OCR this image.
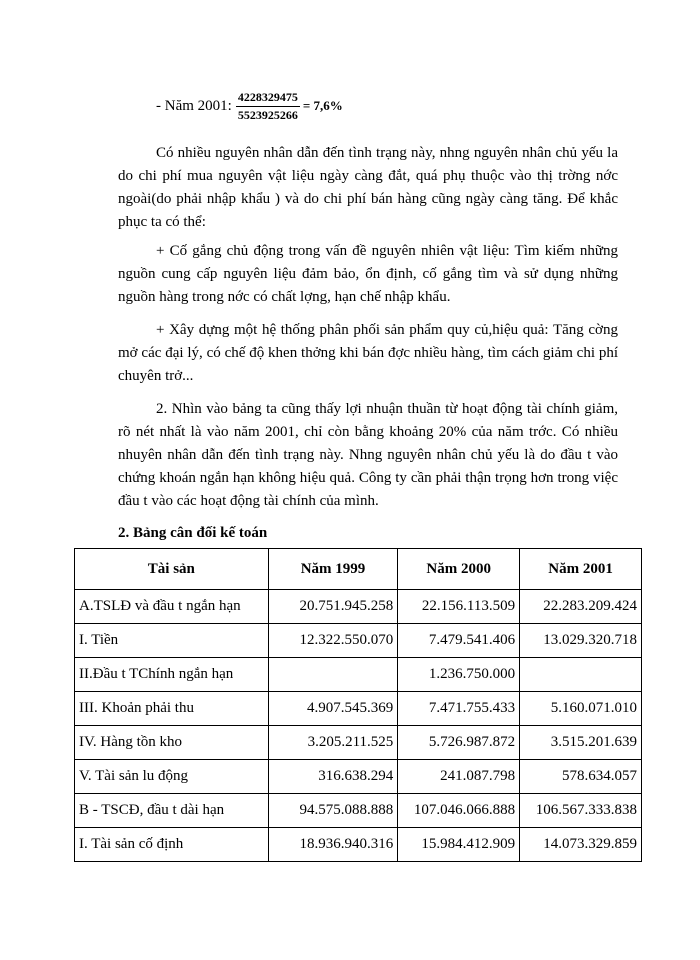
- Năm 2001: $\frac{4228329475}{5523925266} = 7,6\%$

Có nhiều nguyên nhân dẫn đến tình trạng này, nhng nguyên nhân chủ yếu la do chi phí mua nguyên vật liệu ngày càng đắt, quá phụ thuộc vào thị trờng nớc ngoài(do phải nhập khẩu ) và do chi phí bán hàng cũng ngày càng tăng. Để khắc phục ta có thể:

+ Cố gắng chủ động trong vấn đề nguyên nhiên vật liệu: Tìm kiếm những nguồn cung cấp nguyên liệu đảm bảo, ổn định, cố gắng tìm và sử dụng những nguồn hàng trong nớc có chất lợng, hạn chế nhập khẩu.

+ Xây dựng một hệ thống phân phối sản phẩm quy củ,hiệu quả: Tăng cờng mở các đại lý, có chế độ khen thởng khi bán đợc nhiều hàng, tìm cách giảm chi phí chuyên trở...

2. Nhìn vào bảng ta cũng thấy lợi nhuận thuần từ hoạt động tài chính giảm, rõ nét nhất là vào năm 2001, chỉ còn bằng khoảng 20% của năm trớc. Có nhiều nhuyên nhân dẫn đến tình trạng này. Nhng nguyên nhân chủ yếu là do đầu t vào chứng khoán ngắn hạn không hiệu quả. Công ty cần phải thận trọng hơn trong việc đầu t vào các hoạt động tài chính của mình.

2. Bảng cân đối kế toán
Tài sản	Năm 1999	Năm 2000	Năm 2001
A.TSLĐ và đầu t ngắn hạn	20.751.945.258	22.156.113.509	22.283.209.424
I. Tiền	12.322.550.070	7.479.541.406	13.029.320.718
II.Đầu t TChính ngắn hạn		1.236.750.000	
III. Khoản phải thu	4.907.545.369	7.471.755.433	5.160.071.010
IV. Hàng tồn kho	3.205.211.525	5.726.987.872	3.515.201.639
V. Tài sản lu động	316.638.294	241.087.798	578.634.057
B - TSCĐ, đầu t dài hạn	94.575.088.888	107.046.066.888	106.567.333.838
I. Tài sản cố định	18.936.940.316	15.984.412.909	14.073.329.859
